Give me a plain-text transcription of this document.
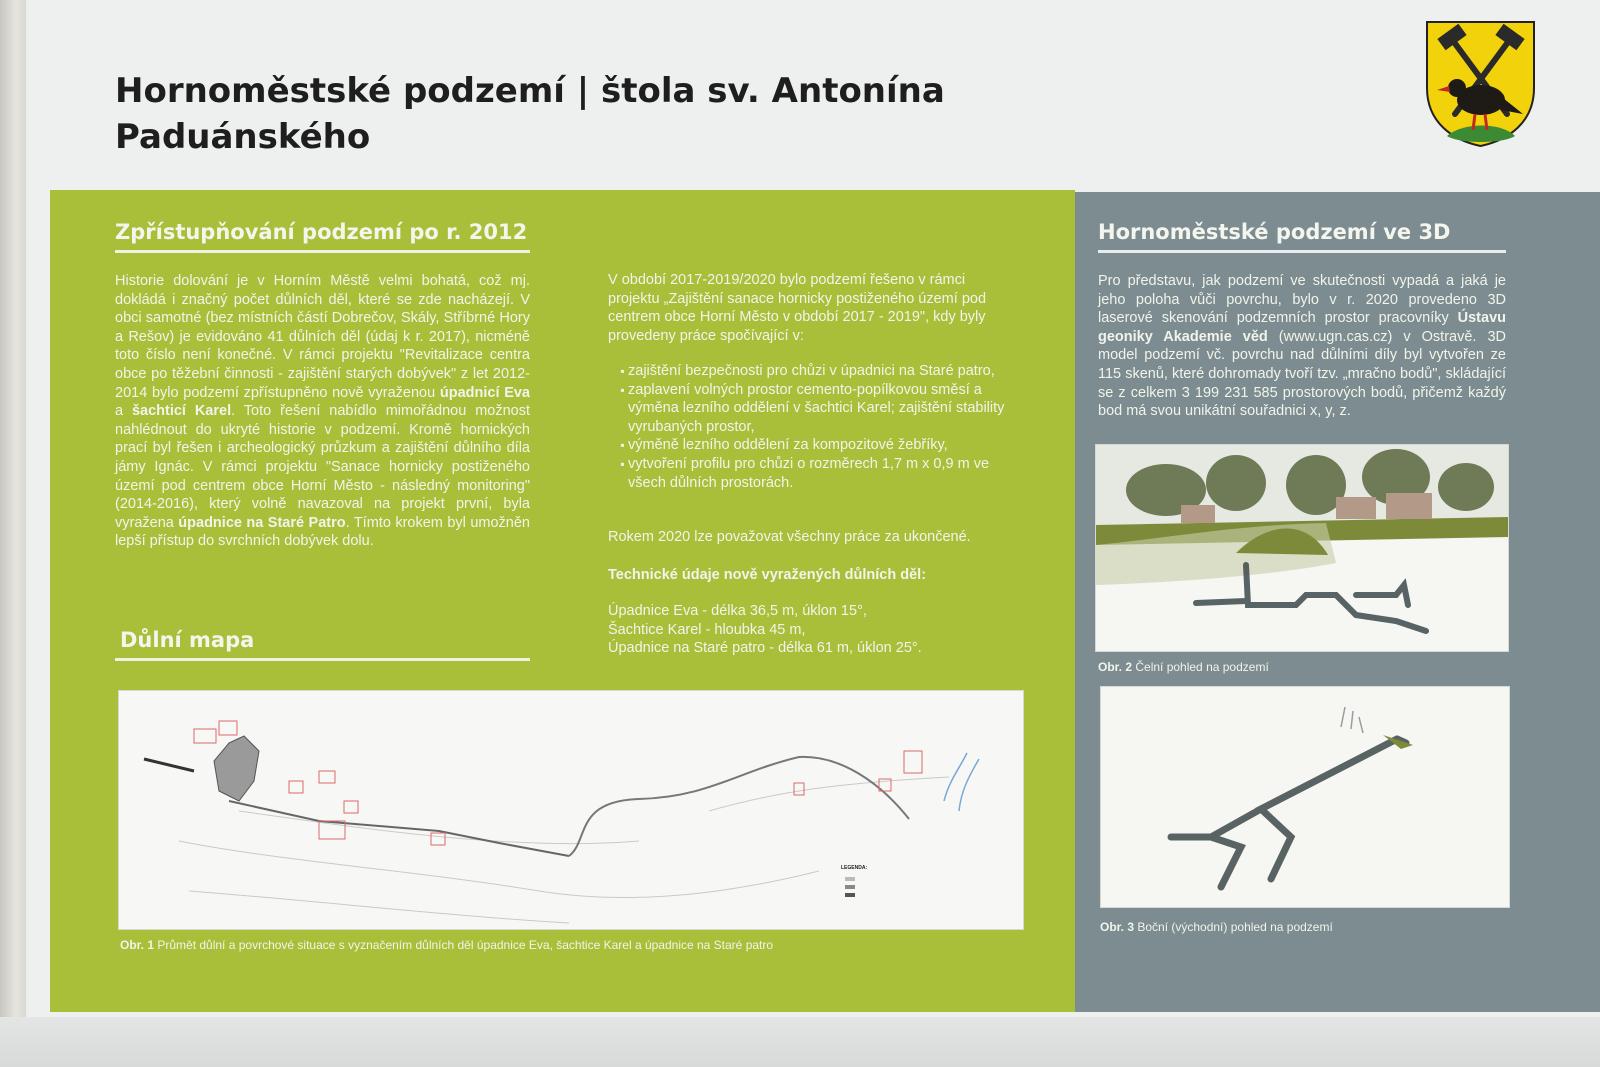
Hornoměstské podzemí | štola sv. Antonína Paduánského
Zpřístupňování podzemí po r. 2012

Historie dolování je v Horním Městě velmi bohatá, což mj. dokládá i značný počet důlních děl, které se zde nacházejí. V obci samotné (bez místních částí Dobrečov, Skály, Stříbrné Hory a Rešov) je evidováno 41 důlních děl (údaj k r. 2017), nicméně toto číslo není konečné. V rámci projektu "Revitalizace centra obce po těžební činnosti - zajištění starých dobývek" z let 2012-2014 bylo podzemí zpřístupněno nově vyraženou úpadnicí Eva a šachticí Karel. Toto řešení nabídlo mimořádnou možnost nahlédnout do ukryté historie v podzemí. Kromě hornických prací byl řešen i archeologický průzkum a zajištění důlního díla jámy Ignác. V rámci projektu "Sanace hornicky postiženého území pod centrem obce Horní Město - následný monitoring" (2014-2016), který volně navazoval na projekt první, byla vyražena úpadnice na Staré Patro. Tímto krokem byl umožněn lepší přístup do svrchních dobývek dolu.

Důlní mapa

V období 2017-2019/2020 bylo podzemí řešeno v rámci projektu „Zajištění sanace hornicky postiženého území pod centrem obce Horní Město v období 2017 - 2019", kdy byly provedeny práce spočívající v:

• zajištění bezpečnosti pro chůzi v úpadnici na Staré patro,
• zaplavení volných prostor cemento-popílkovou směsí a výměna lezního oddělení v šachtici Karel; zajištění stability vyrubaných prostor,
• výměně lezního oddělení za kompozitové žebříky,
• vytvoření profilu pro chůzi o rozměrech 1,7 m x 0,9 m ve všech důlních prostorách.

Rokem 2020 lze považovat všechny práce za ukončené.

Technické údaje nově vyražených důlních děl:

Úpadnice Eva - délka 36,5 m, úklon 15°,

Šachtice Karel - hloubka 45 m,

Úpadnice na Staré patro - délka 61 m, úklon 25°.

LEGENDA:

Obr. 1 Průmět důlní a povrchové situace s vyznačením důlních děl úpadnice Eva, šachtice Karel a úpadnice na Staré patro

Hornoměstské podzemí ve 3D

Pro představu, jak podzemí ve skutečnosti vypadá a jaká je jeho poloha vůči povrchu, bylo v r. 2020 provedeno 3D laserové skenování podzemních prostor pracovníky Ústavu geoniky Akademie věd (www.ugn.cas.cz) v Ostravě. 3D model podzemí vč. povrchu nad důlními díly byl vytvořen ze 115 skenů, které dohromady tvoří tzv. „mračno bodů", skládající se z celkem 3 199 231 585 prostorových bodů, přičemž každý bod má svou unikátní souřadnici x, y, z.

Obr. 2 Čelní pohled na podzemí

Obr. 3 Boční (východní) pohled na podzemí
